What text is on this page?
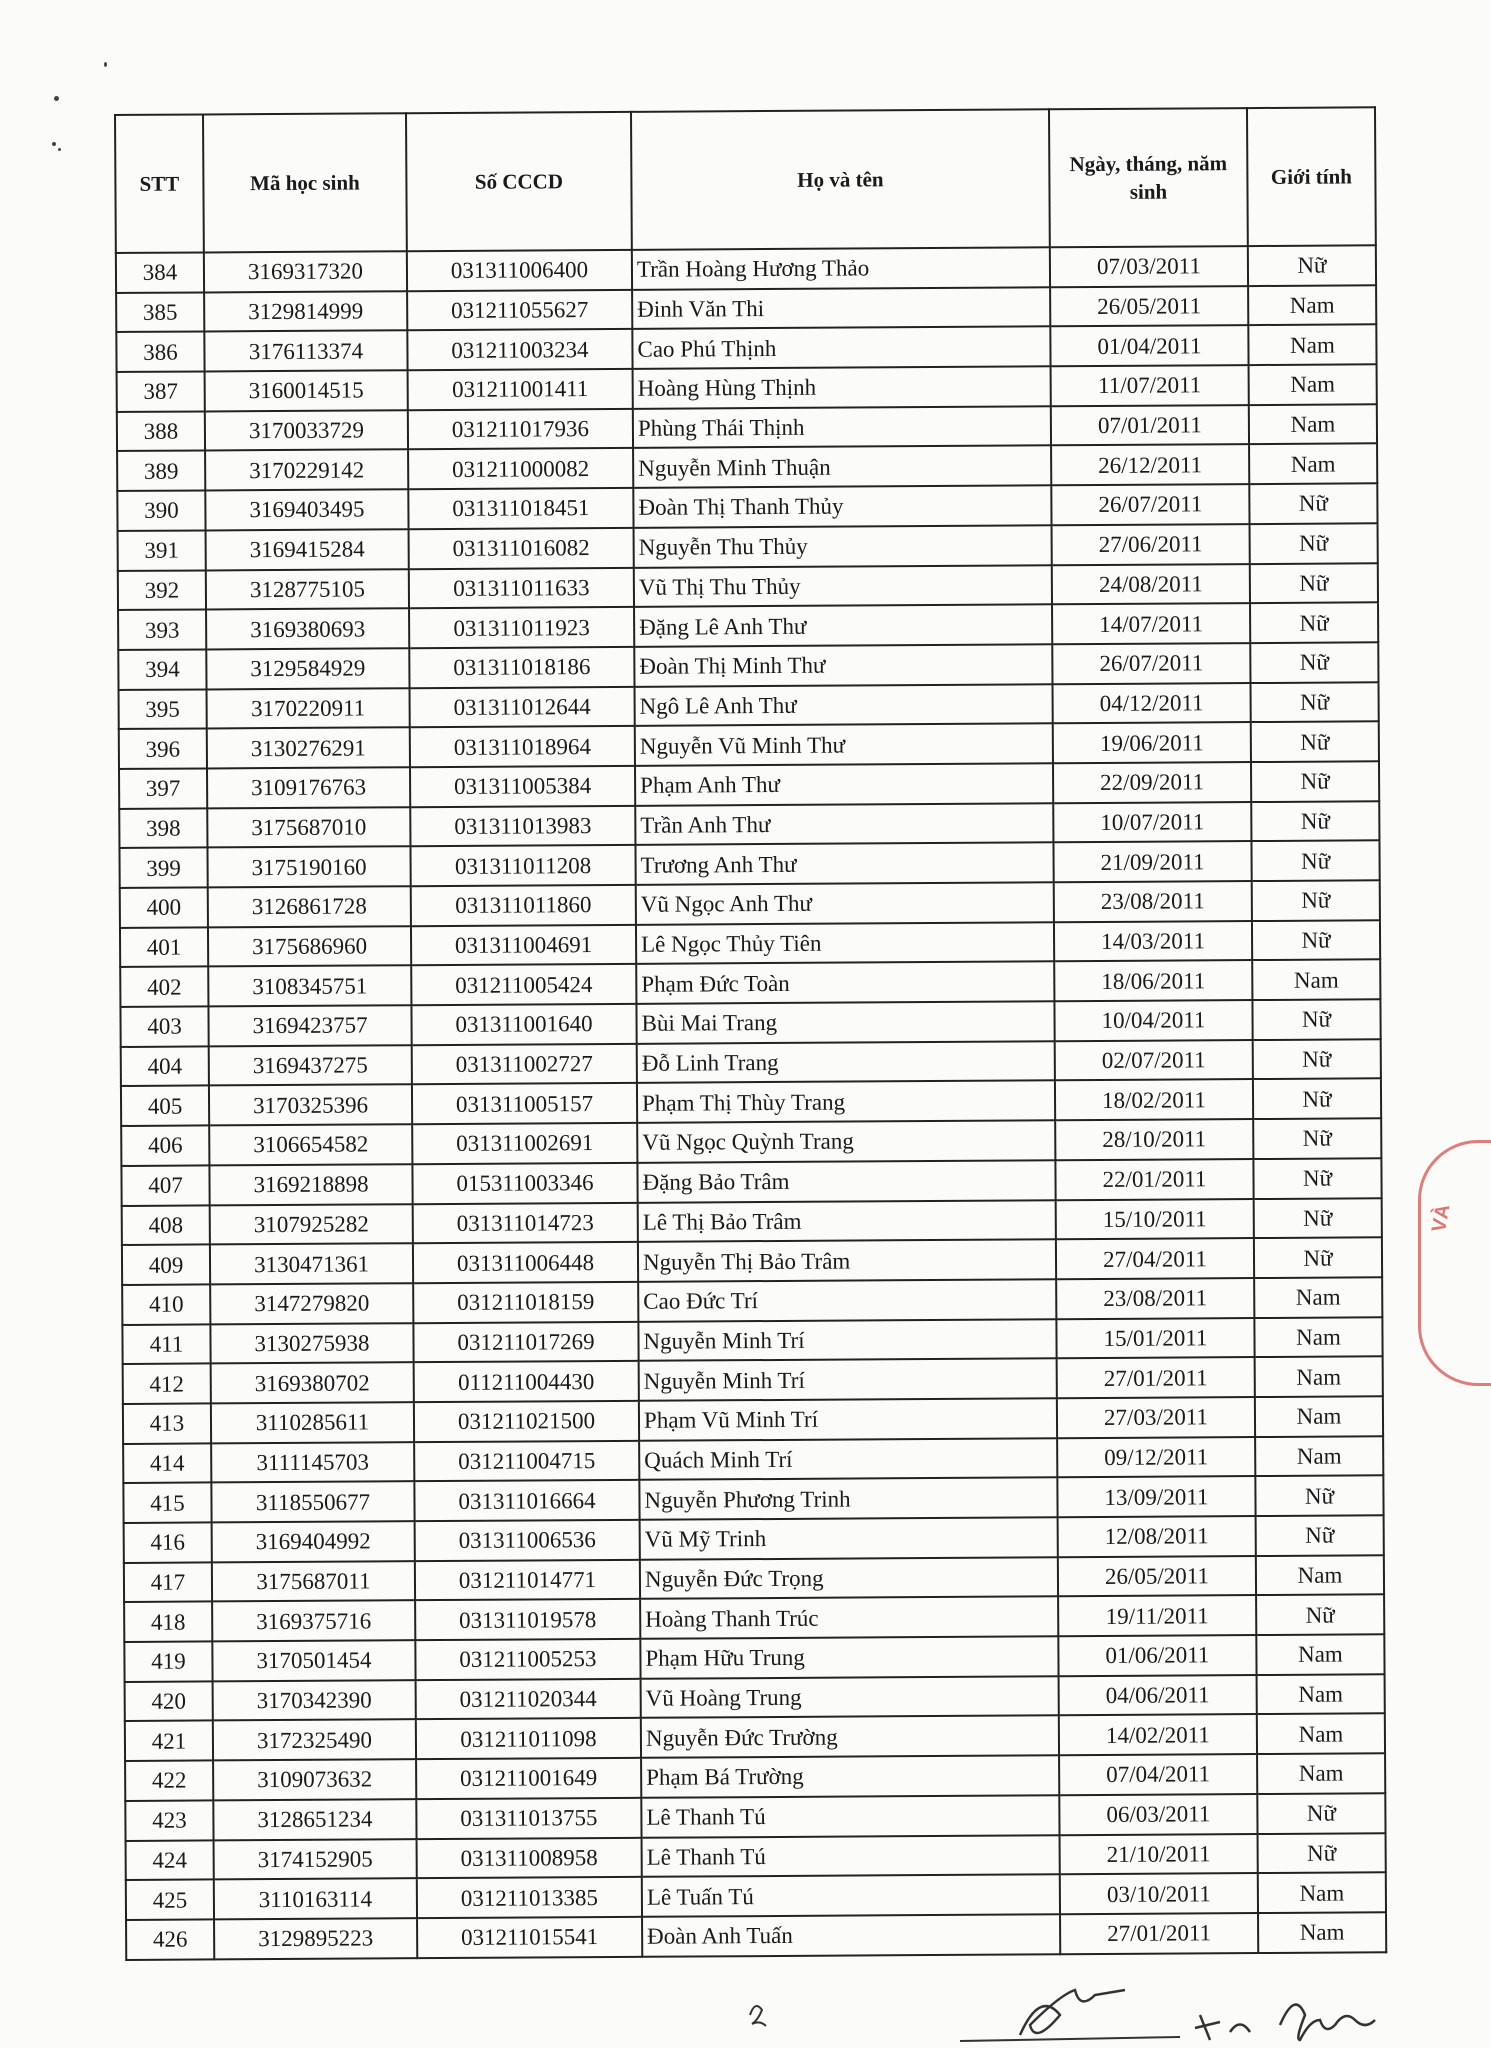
STT	Mã học sinh	Số CCCD	Họ và tên	Ngày, tháng, năm sinh	Giới tính
384	3169317320	031311006400	Trần Hoàng Hương Thảo	07/03/2011	Nữ
385	3129814999	031211055627	Đinh Văn Thi	26/05/2011	Nam
386	3176113374	031211003234	Cao Phú Thịnh	01/04/2011	Nam
387	3160014515	031211001411	Hoàng Hùng Thịnh	11/07/2011	Nam
388	3170033729	031211017936	Phùng Thái Thịnh	07/01/2011	Nam
389	3170229142	031211000082	Nguyễn Minh Thuận	26/12/2011	Nam
390	3169403495	031311018451	Đoàn Thị Thanh Thủy	26/07/2011	Nữ
391	3169415284	031311016082	Nguyễn Thu Thủy	27/06/2011	Nữ
392	3128775105	031311011633	Vũ Thị Thu Thủy	24/08/2011	Nữ
393	3169380693	031311011923	Đặng Lê Anh Thư	14/07/2011	Nữ
394	3129584929	031311018186	Đoàn Thị Minh Thư	26/07/2011	Nữ
395	3170220911	031311012644	Ngô Lê Anh Thư	04/12/2011	Nữ
396	3130276291	031311018964	Nguyễn Vũ Minh Thư	19/06/2011	Nữ
397	3109176763	031311005384	Phạm Anh Thư	22/09/2011	Nữ
398	3175687010	031311013983	Trần Anh Thư	10/07/2011	Nữ
399	3175190160	031311011208	Trương Anh Thư	21/09/2011	Nữ
400	3126861728	031311011860	Vũ Ngọc Anh Thư	23/08/2011	Nữ
401	3175686960	031311004691	Lê Ngọc Thủy Tiên	14/03/2011	Nữ
402	3108345751	031211005424	Phạm Đức Toàn	18/06/2011	Nam
403	3169423757	031311001640	Bùi Mai Trang	10/04/2011	Nữ
404	3169437275	031311002727	Đỗ Linh Trang	02/07/2011	Nữ
405	3170325396	031311005157	Phạm Thị Thùy Trang	18/02/2011	Nữ
406	3106654582	031311002691	Vũ Ngọc Quỳnh Trang	28/10/2011	Nữ
407	3169218898	015311003346	Đặng Bảo Trâm	22/01/2011	Nữ
408	3107925282	031311014723	Lê Thị Bảo Trâm	15/10/2011	Nữ
409	3130471361	031311006448	Nguyễn Thị Bảo Trâm	27/04/2011	Nữ
410	3147279820	031211018159	Cao Đức Trí	23/08/2011	Nam
411	3130275938	031211017269	Nguyễn Minh Trí	15/01/2011	Nam
412	3169380702	011211004430	Nguyễn Minh Trí	27/01/2011	Nam
413	3110285611	031211021500	Phạm Vũ Minh Trí	27/03/2011	Nam
414	3111145703	031211004715	Quách Minh Trí	09/12/2011	Nam
415	3118550677	031311016664	Nguyễn Phương Trinh	13/09/2011	Nữ
416	3169404992	031311006536	Vũ Mỹ Trinh	12/08/2011	Nữ
417	3175687011	031211014771	Nguyễn Đức Trọng	26/05/2011	Nam
418	3169375716	031311019578	Hoàng Thanh Trúc	19/11/2011	Nữ
419	3170501454	031211005253	Phạm Hữu Trung	01/06/2011	Nam
420	3170342390	031211020344	Vũ Hoàng Trung	04/06/2011	Nam
421	3172325490	031211011098	Nguyễn Đức Trường	14/02/2011	Nam
422	3109073632	031211001649	Phạm Bá Trường	07/04/2011	Nam
423	3128651234	031311013755	Lê Thanh Tú	06/03/2011	Nữ
424	3174152905	031311008958	Lê Thanh Tú	21/10/2011	Nữ
425	3110163114	031211013385	Lê Tuấn Tú	03/10/2011	Nam
426	3129895223	031211015541	Đoàn Anh Tuấn	27/01/2011	Nam
VÀ
